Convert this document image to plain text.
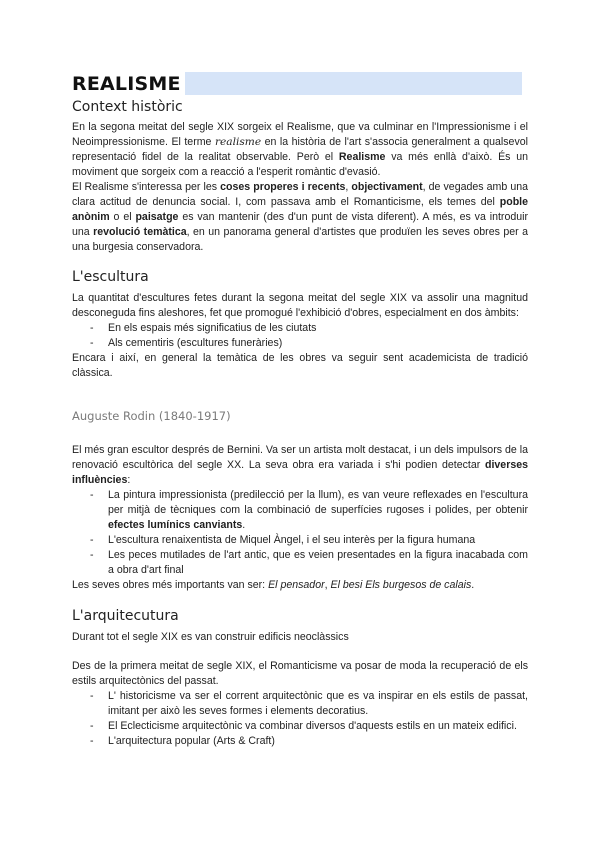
REALISME
Context històric

En la segona meitat del segle XIX sorgeix el Realisme, que va culminar en l'Impressionisme i el Neoimpressionisme. El terme realisme en la història de l'art s'associa generalment a qualsevol representació fidel de la realitat observable. Però el Realisme va més enllà d'això. És un moviment que sorgeix com a reacció a l'esperit romàntic d'evasió.

El Realisme s'interessa per les coses properes i recents, objectivament, de vegades amb una clara actitud de denuncia social. I, com passava amb el Romanticisme, els temes del poble anònim o el paisatge es van mantenir (des d'un punt de vista diferent). A més, es va introduir una revolució temàtica, en un panorama general d'artistes que produïen les seves obres per a una burgesia conservadora.

L'escultura

La quantitat d'escultures fetes durant la segona meitat del segle XIX va assolir una magnitud desconeguda fins aleshores, fet que promogué l'exhibició d'obres, especialment en dos àmbits:

- En els espais més significatius de les ciutats
- Als cementiris (escultures funeràries)

Encara i així, en general la temàtica de les obres va seguir sent academicista de tradició clàssica.

Auguste Rodin (1840-1917)

El més gran escultor després de Bernini. Va ser un artista molt destacat, i un dels impulsors de la renovació escultòrica del segle XX. La seva obra era variada i s'hi podien detectar diverses influències:

- La pintura impressionista (predilecció per la llum), es van veure reflexades en l'escultura per mitjà de tècniques com la combinació de superfícies rugoses i polides, per obtenir efectes lumínics canviants.
- L'escultura renaixentista de Miquel Àngel, i el seu interès per la figura humana
- Les peces mutilades de l'art antic, que es veien presentades en la figura inacabada com a obra d'art final

Les seves obres més importants van ser: El pensador, El besi Els burgesos de calais.

L'arquitecutura

Durant tot el segle XIX es van construir edificis neoclàssics

Des de la primera meitat de segle XIX, el Romanticisme va posar de moda la recuperació de els estils arquitectònics del passat.

- L' historicisme va ser el corrent arquitectònic que es va inspirar en els estils de passat, imitant per això les seves formes i elements decoratius.
- El Eclecticisme arquitectònic va combinar diversos d'aquests estils en un mateix edifici.
- L'arquitectura popular (Arts & Craft)
